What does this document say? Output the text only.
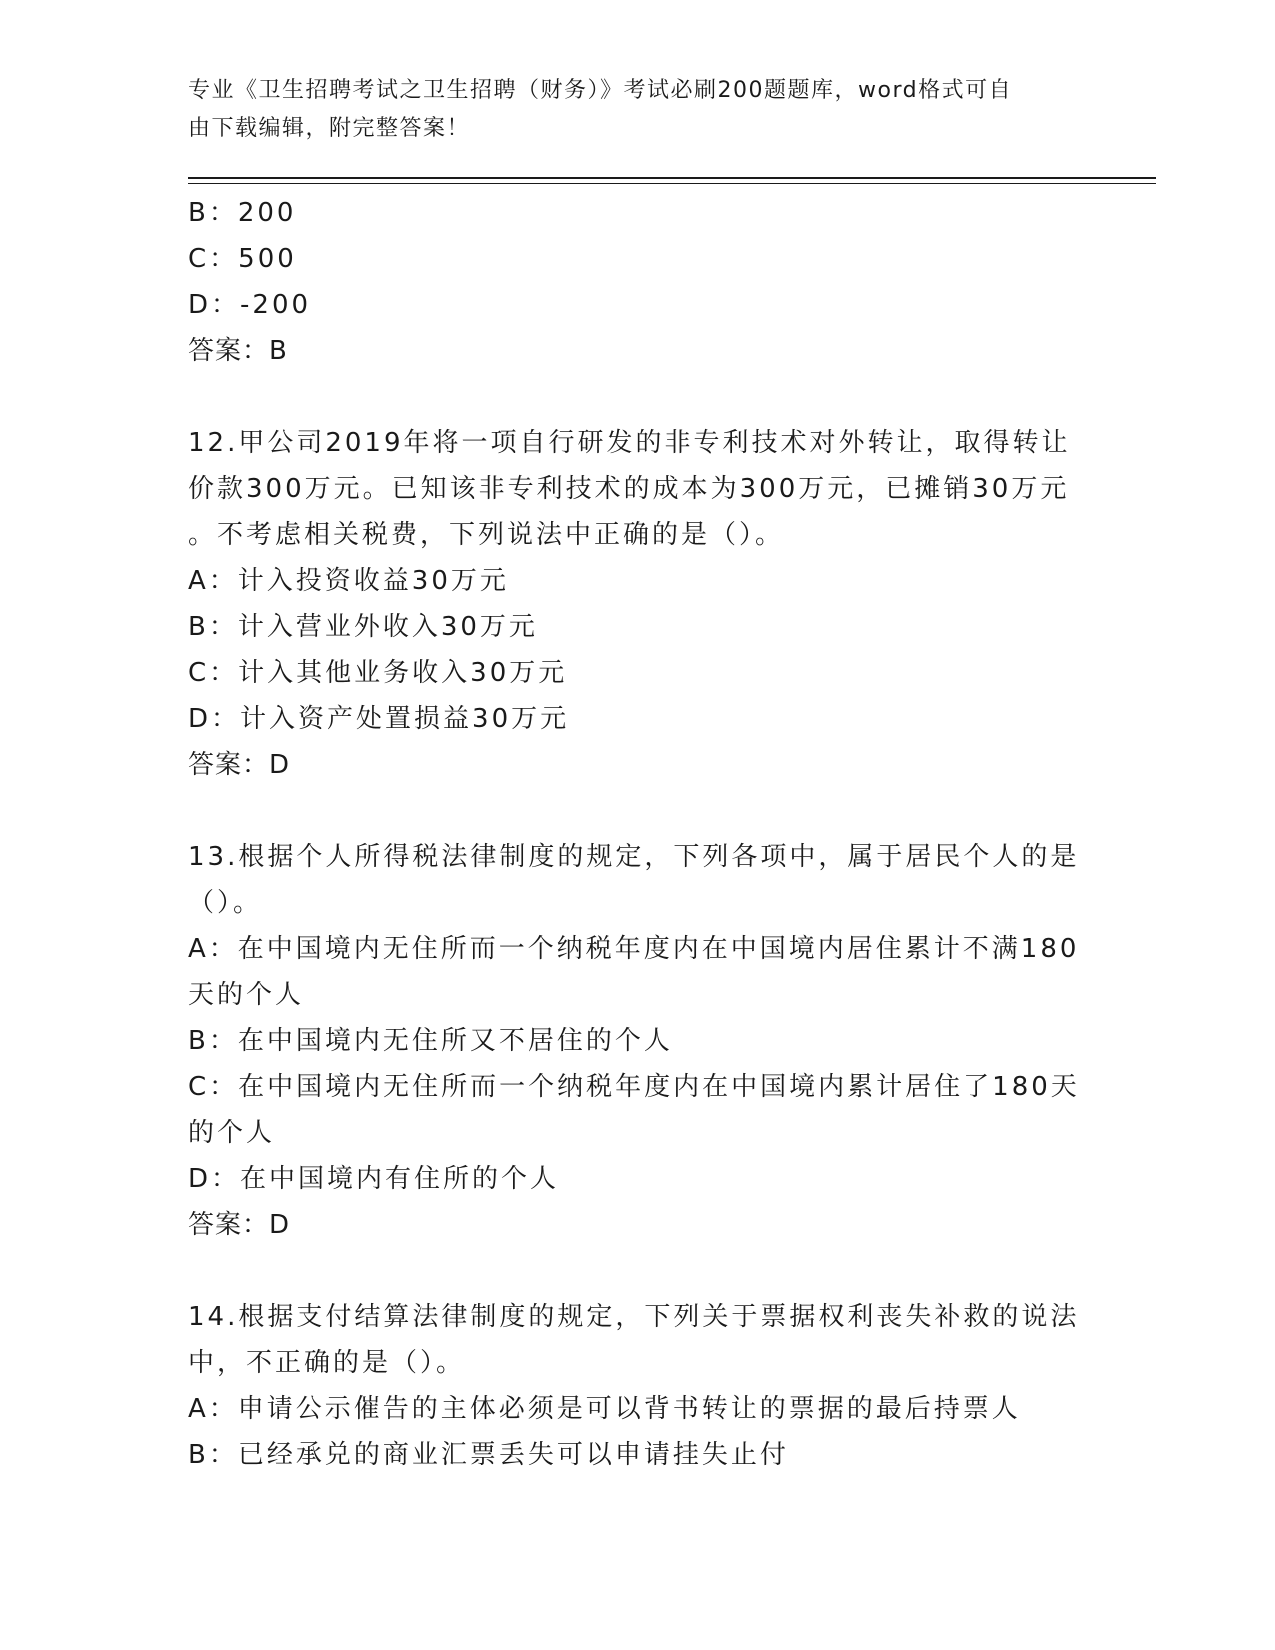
专业《卫生招聘考试之卫生招聘（财务）》考试必刷200题题库，word格式可自
由下载编辑，附完整答案！
B：200
C：500
D：-200
答案：B
12.甲公司2019年将一项自行研发的非专利技术对外转让，取得转让
价款300万元。已知该非专利技术的成本为300万元，已摊销30万元
。不考虑相关税费，下列说法中正确的是（）。
A：计入投资收益30万元
B：计入营业外收入30万元
C：计入其他业务收入30万元
D：计入资产处置损益30万元
答案：D
13.根据个人所得税法律制度的规定，下列各项中，属于居民个人的是
（）。
A：在中国境内无住所而一个纳税年度内在中国境内居住累计不满180
天的个人
B：在中国境内无住所又不居住的个人
C：在中国境内无住所而一个纳税年度内在中国境内累计居住了180天
的个人
D：在中国境内有住所的个人
答案：D
14.根据支付结算法律制度的规定，下列关于票据权利丧失补救的说法
中，不正确的是（）。
A：申请公示催告的主体必须是可以背书转让的票据的最后持票人
B：已经承兑的商业汇票丢失可以申请挂失止付
